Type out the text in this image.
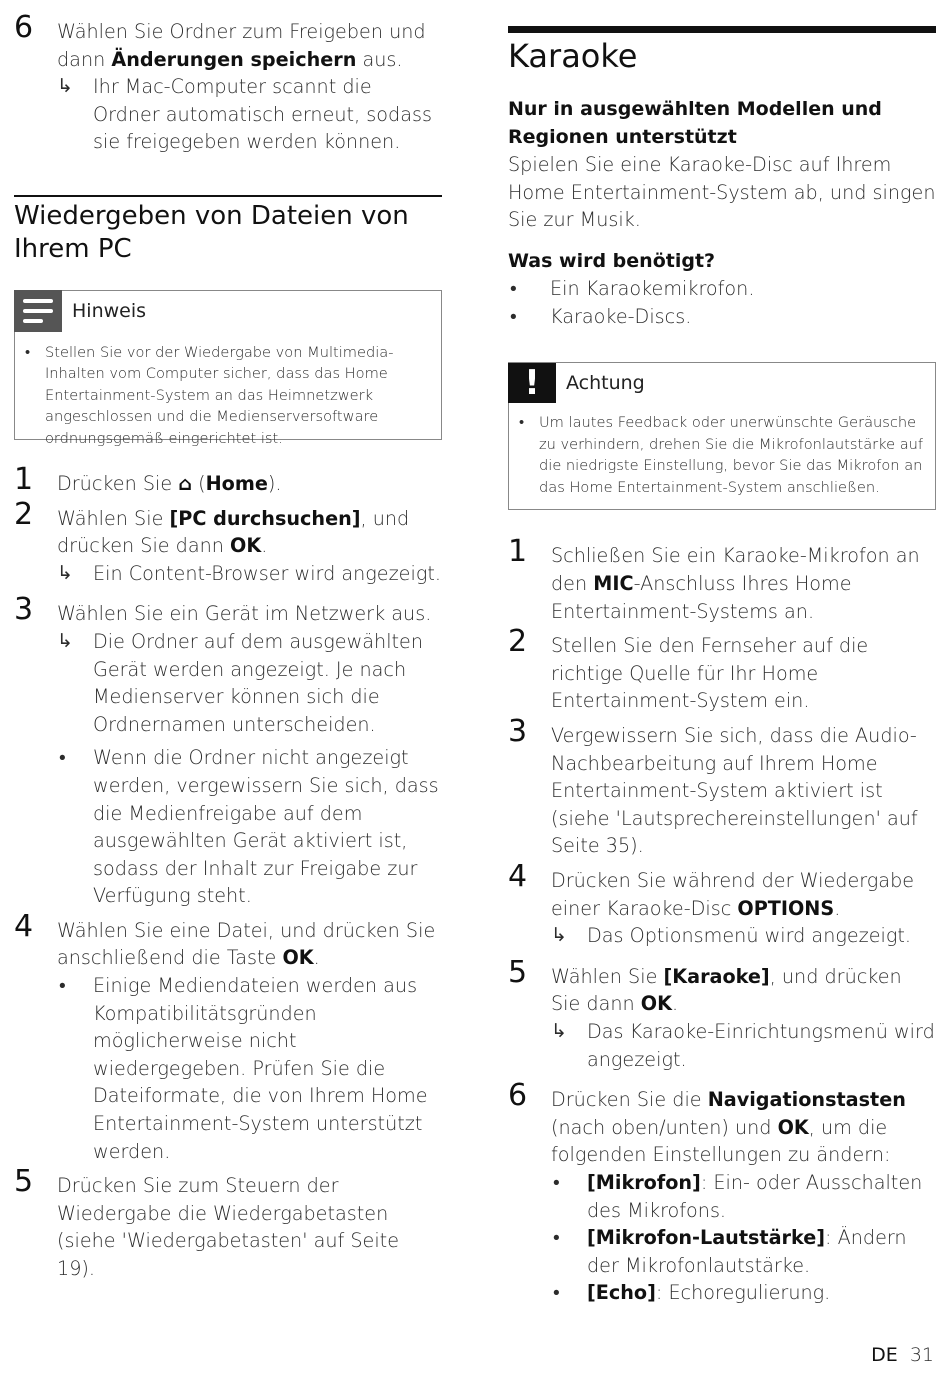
6 Wählen Sie Ordner zum Freigeben und dann Änderungen speichern aus.

↳ Ihr Mac-Computer scannt die Ordner automatisch erneut, sodass sie freigegeben werden können.
Wiedergeben von Dateien von Ihrem PC
Hinweis
• Stellen Sie vor der Wiedergabe von Multimedia-Inhalten vom Computer sicher, dass das Home Entertainment-System an das Heimnetzwerk angeschlossen und die Medienserversoftware ordnungsgemäß eingerichtet ist.
1 Drücken Sie ⌂ (Home).

2 Wählen Sie [PC durchsuchen], und drücken Sie dann OK.

↳ Ein Content-Browser wird angezeigt.
3 Wählen Sie ein Gerät im Netzwerk aus.

↳ Die Ordner auf dem ausgewählten Gerät werden angezeigt. Je nach Medienserver können sich die Ordnernamen unterscheiden.
• Wenn die Ordner nicht angezeigt werden, vergewissern Sie sich, dass die Medienfreigabe auf dem ausgewählten Gerät aktiviert ist, sodass der Inhalt zur Freigabe zur Verfügung steht.
4 Wählen Sie eine Datei, und drücken Sie anschließend die Taste OK.

• Einige Mediendateien werden aus Kompatibilitätsgründen möglicherweise nicht wiedergegeben. Prüfen Sie die Dateiformate, die von Ihrem Home Entertainment-System unterstützt werden.
5 Drücken Sie zum Steuern der Wiedergabe die Wiedergabetasten (siehe 'Wiedergabetasten' auf Seite 19).

Karaoke

Nur in ausgewählten Modellen und Regionen unterstützt

Spielen Sie eine Karaoke-Disc auf Ihrem Home Entertainment-System ab, und singen Sie zur Musik.

Was wird benötigt?

• Ein Karaokemikrofon.
• Karaoke-Discs.
!	Achtung
• Um lautes Feedback oder unerwünschte Geräusche zu verhindern, drehen Sie die Mikrofonlautstärke auf die niedrigste Einstellung, bevor Sie das Mikrofon an das Home Entertainment-System anschließen.
1 Schließen Sie ein Karaoke-Mikrofon an den MIC-Anschluss Ihres Home Entertainment-Systems an.

2 Stellen Sie den Fernseher auf die richtige Quelle für Ihr Home Entertainment-System ein.

3 Vergewissern Sie sich, dass die Audio-Nachbearbeitung auf Ihrem Home Entertainment-System aktiviert ist (siehe 'Lautsprechereinstellungen' auf Seite 35).

4 Drücken Sie während der Wiedergabe einer Karaoke-Disc OPTIONS.

↳ Das Optionsmenü wird angezeigt.
5 Wählen Sie [Karaoke], und drücken Sie dann OK.

↳ Das Karaoke-Einrichtungsmenü wird angezeigt.
6 Drücken Sie die Navigationstasten (nach oben/unten) und OK, um die folgenden Einstellungen zu ändern:

• [Mikrofon]: Ein- oder Ausschalten des Mikrofons.
• [Mikrofon-Lautstärke]: Ändern der Mikrofonlautstärke.
• [Echo]: Echoregulierung.
DE 31
